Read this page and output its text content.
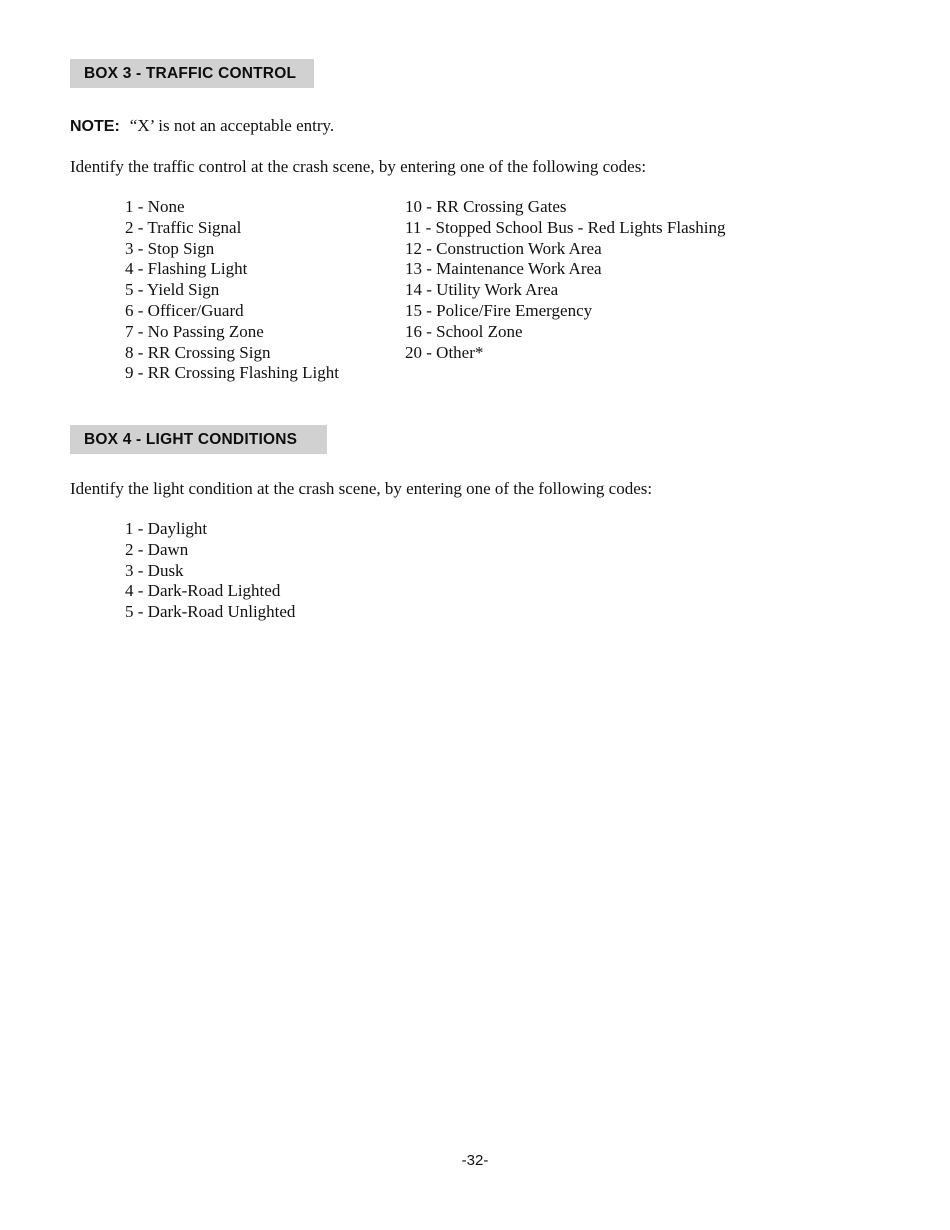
BOX 3 - TRAFFIC CONTROL
NOTE: “X’ is not an acceptable entry.
Identify the traffic control at the crash scene, by entering one of the following codes:
1 - None
2 - Traffic Signal
3 - Stop Sign
4 - Flashing Light
5 - Yield Sign
6 - Officer/Guard
7 - No Passing Zone
8 - RR Crossing Sign
9 - RR Crossing Flashing Light
10 - RR Crossing Gates
11 - Stopped School Bus - Red Lights Flashing
12 - Construction Work Area
13 - Maintenance Work Area
14 - Utility Work Area
15 - Police/Fire Emergency
16 - School Zone
20 - Other*
BOX 4 - LIGHT CONDITIONS
Identify the light condition at the crash scene, by entering one of the following codes:
1 - Daylight
2 - Dawn
3 - Dusk
4 - Dark-Road Lighted
5 - Dark-Road Unlighted
-32-
